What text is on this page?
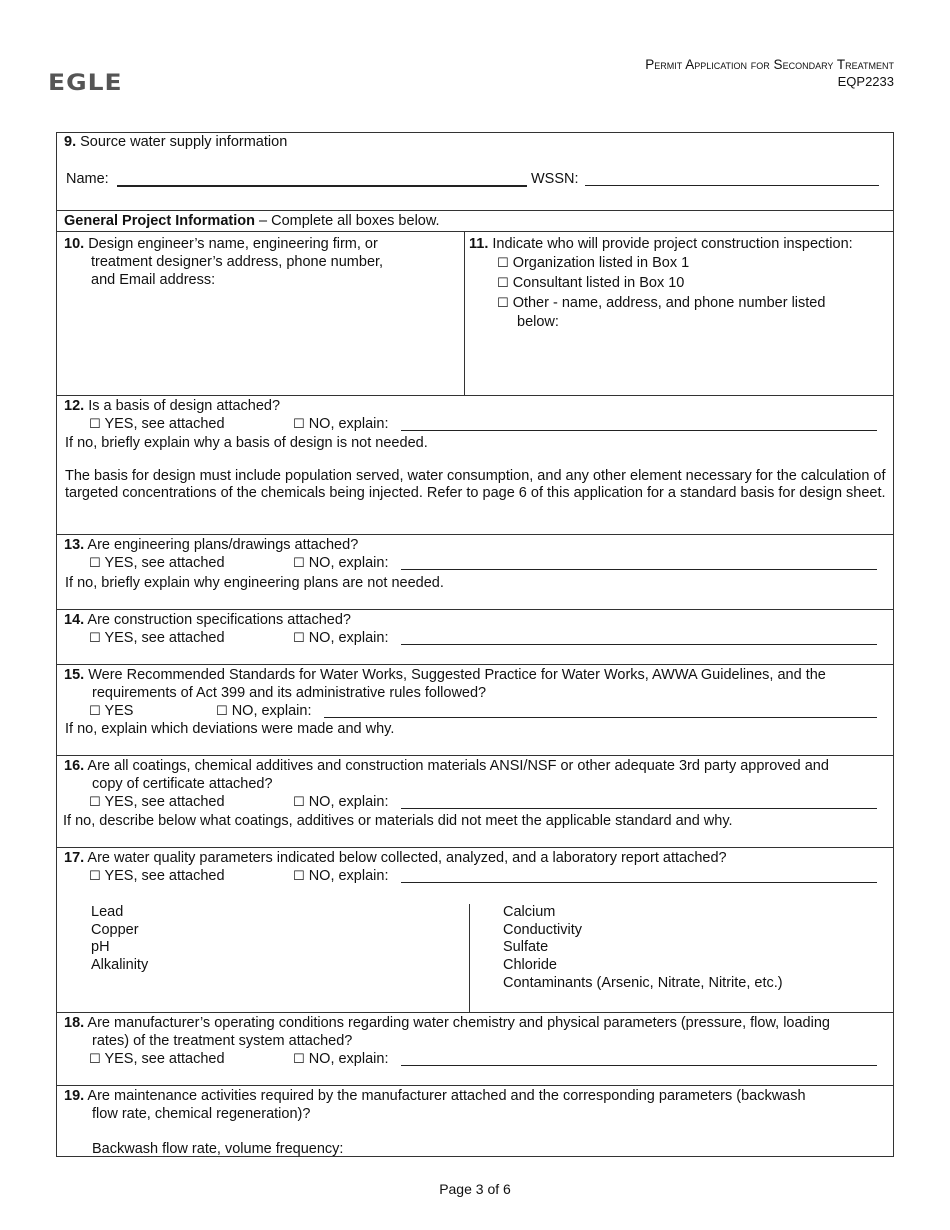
EGLE
Permit Application for Secondary Treatment
EQP2233
9. Source water supply information
Name:	WSSN:
General Project Information – Complete all boxes below.
10. Design engineer’s name, engineering firm, or
treatment designer’s address, phone number,
and Email address:
11. Indicate who will provide project construction inspection:
☐ Organization listed in Box 1
☐ Consultant listed in Box 10
☐ Other - name, address, and phone number listed
below:
12. Is a basis of design attached?
☐ YES, see attached	☐ NO, explain:
If no, briefly explain why a basis of design is not needed.
The basis for design must include population served, water consumption, and any other element necessary for the calculation of targeted concentrations of the chemicals being injected. Refer to page 6 of this application for a standard basis for design sheet.
13. Are engineering plans/drawings attached?
☐ YES, see attached	☐ NO, explain:
If no, briefly explain why engineering plans are not needed.
14. Are construction specifications attached?
☐ YES, see attached	☐ NO, explain:
15. Were Recommended Standards for Water Works, Suggested Practice for Water Works, AWWA Guidelines, and the
requirements of Act 399 and its administrative rules followed?
☐ YES	☐ NO, explain:
If no, explain which deviations were made and why.
16. Are all coatings, chemical additives and construction materials ANSI/NSF or other adequate 3rd party approved and
copy of certificate attached?
☐ YES, see attached	☐ NO, explain:
If no, describe below what coatings, additives or materials did not meet the applicable standard and why.
17. Are water quality parameters indicated below collected, analyzed, and a laboratory report attached?
☐ YES, see attached	☐ NO, explain:
Lead
Copper
pH
Alkalinity
Calcium
Conductivity
Sulfate
Chloride
Contaminants (Arsenic, Nitrate, Nitrite, etc.)
18. Are manufacturer’s operating conditions regarding water chemistry and physical parameters (pressure, flow, loading
rates) of the treatment system attached?
☐ YES, see attached	☐ NO, explain:
19. Are maintenance activities required by the manufacturer attached and the corresponding parameters (backwash
flow rate, chemical regeneration)?
Backwash flow rate, volume frequency:
Page 3 of 6
